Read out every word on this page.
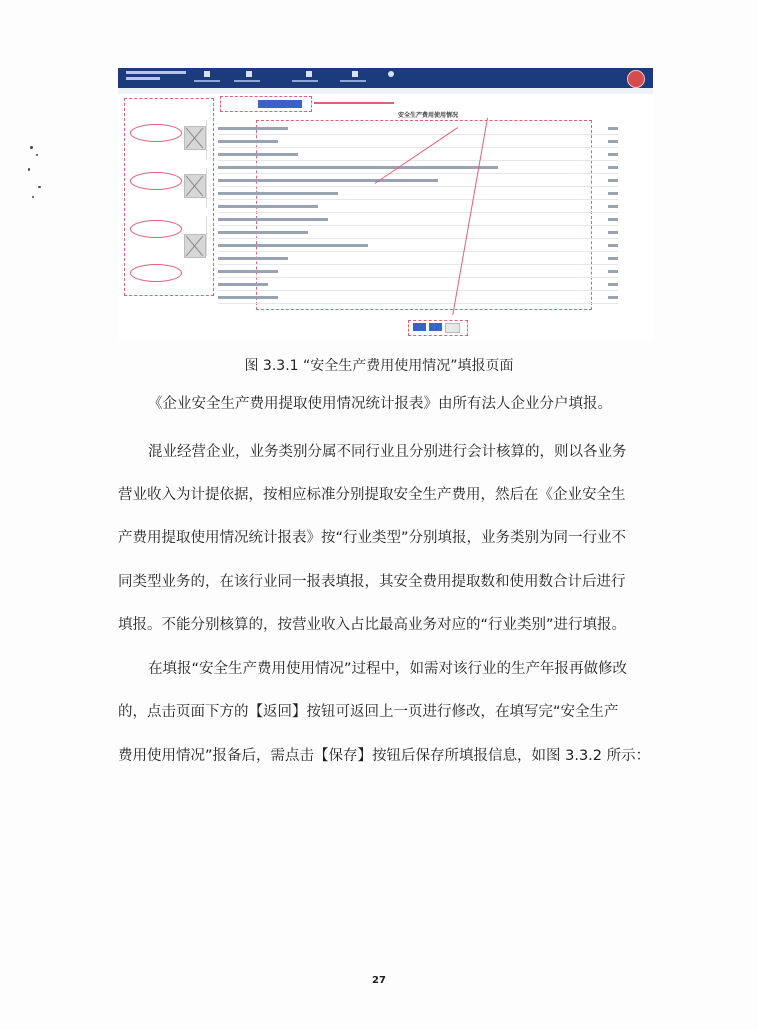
安全生产费用使用情况
图 3.3.1 “安全生产费用使用情况”填报页面
《企业安全生产费用提取使用情况统计报表》由所有法人企业分户填报。
混业经营企业，业务类别分属不同行业且分别进行会计核算的，则以各业务
营业收入为计提依据，按相应标准分别提取安全生产费用，然后在《企业安全生
产费用提取使用情况统计报表》按“行业类型”分别填报，业务类别为同一行业不
同类型业务的，在该行业同一报表填报，其安全费用提取数和使用数合计后进行
填报。不能分别核算的，按营业收入占比最高业务对应的“行业类别”进行填报。
在填报“安全生产费用使用情况”过程中，如需对该行业的生产年报再做修改
的，点击页面下方的【返回】按钮可返回上一页进行修改，在填写完“安全生产
费用使用情况”报备后，需点击【保存】按钮后保存所填报信息，如图 3.3.2 所示：
27
